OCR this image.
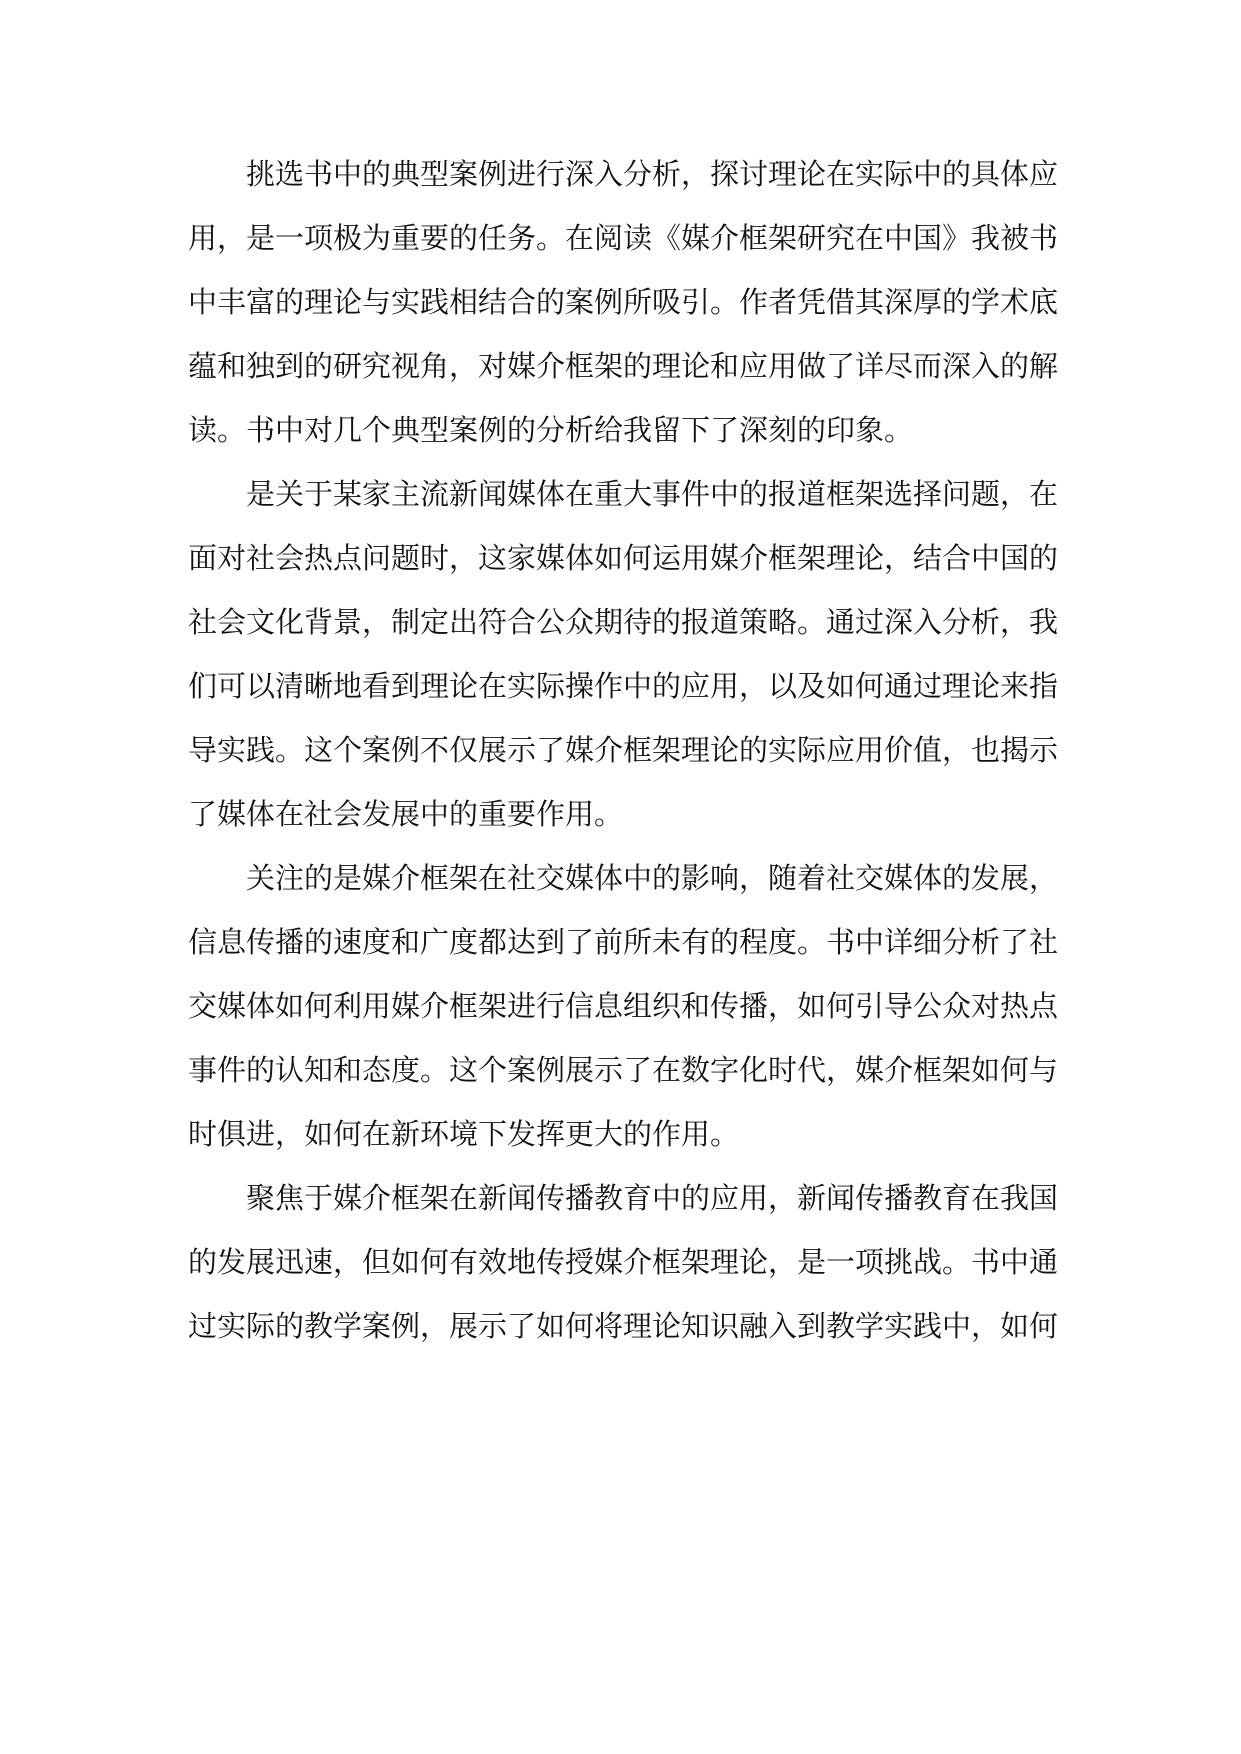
挑选书中的典型案例进行深入分析，探讨理论在实际中的具体应
用，是一项极为重要的任务。在阅读《媒介框架研究在中国》我被书
中丰富的理论与实践相结合的案例所吸引。作者凭借其深厚的学术底
蕴和独到的研究视角，对媒介框架的理论和应用做了详尽而深入的解
读。书中对几个典型案例的分析给我留下了深刻的印象。
是关于某家主流新闻媒体在重大事件中的报道框架选择问题，在
面对社会热点问题时，这家媒体如何运用媒介框架理论，结合中国的
社会文化背景，制定出符合公众期待的报道策略。通过深入分析，我
们可以清晰地看到理论在实际操作中的应用，以及如何通过理论来指
导实践。这个案例不仅展示了媒介框架理论的实际应用价值，也揭示
了媒体在社会发展中的重要作用。
关注的是媒介框架在社交媒体中的影响，随着社交媒体的发展，
信息传播的速度和广度都达到了前所未有的程度。书中详细分析了社
交媒体如何利用媒介框架进行信息组织和传播，如何引导公众对热点
事件的认知和态度。这个案例展示了在数字化时代，媒介框架如何与
时俱进，如何在新环境下发挥更大的作用。
聚焦于媒介框架在新闻传播教育中的应用，新闻传播教育在我国
的发展迅速，但如何有效地传授媒介框架理论，是一项挑战。书中通
过实际的教学案例，展示了如何将理论知识融入到教学实践中，如何
